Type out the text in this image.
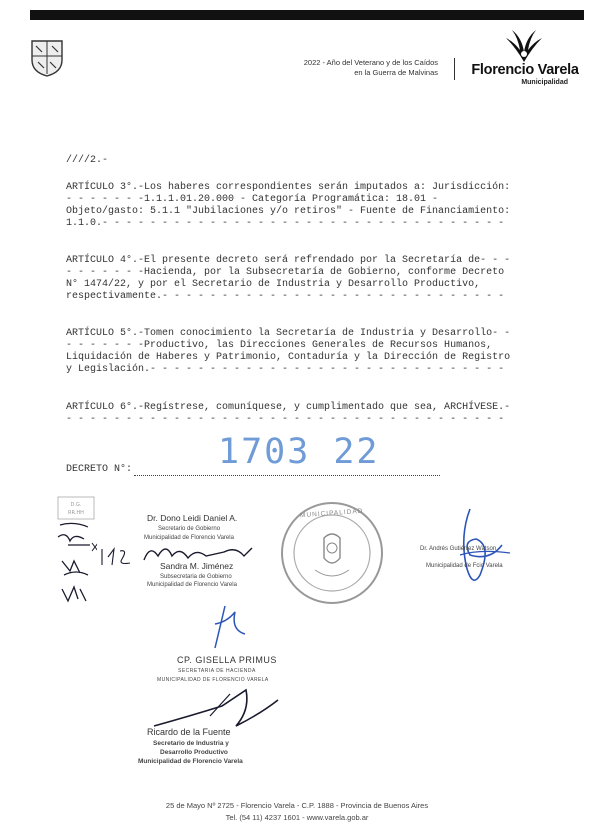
2022 - Año del Veterano y de los Caídos
en la Guerra de Malvinas Florencio Varela
Municipalidad
////2.-
ARTÍCULO 3°.-Los haberes correspondientes serán imputados a: Jurisdicción:
- - - - - - -1.1.1.01.20.000 - Categoría Programática: 18.01 -
Objeto/gasto: 5.1.1 "Jubilaciones y/o retiros" - Fuente de Financiamiento:
1.1.0.- - - - - - - - - - - - - - - - - - - - - - - - - - - - - - - - - -
ARTÍCULO 4°.-El presente decreto será refrendado por la Secretaría de- - -
- - - - - - -Hacienda, por la Subsecretaría de Gobierno, conforme Decreto
N° 1474/22, y por el Secretario de Industria y Desarrollo Productivo,
respectivamente.- - - - - - - - - - - - - - - - - - - - - - - - - - - - -
ARTÍCULO 5°.-Tomen conocimiento la Secretaría de Industria y Desarrollo- -
- - - - - - -Productivo, las Direcciones Generales de Recursos Humanos,
Liquidación de Haberes y Patrimonio, Contaduría y la Dirección de Registro
y Legislación.- - - - - - - - - - - - - - - - - - - - - - - - - - - - - -
ARTÍCULO 6°.-Regístrese, comuníquese, y cumplimentado que sea, ARCHÍVESE.-
- - - - - - - - - - - - - - - - - - - - - - - - - - - - - - - - - - - - -
1703 22
DECRETO N°:
D.G.
RR.HH	Dr. Dono Leidi Daniel A.
Secretario de Gobierno
Municipalidad de Florencio Varela
Sandra M. Jiménez
Subsecretaria de Gobierno
Municipalidad de Florencio Varela
MUNICIPALIDAD
Dr. Andrés Gutiérrez Watson
Municipalidad de Fcio Varela
CP. GISELLA PRIMUS
SECRETARIA DE HACIENDA
MUNICIPALIDAD DE FLORENCIO VARELA
Ricardo de la Fuente
Secretario de Industria y
Desarrollo Productivo
Municipalidad de Florencio Varela
25 de Mayo Nº 2725 - Florencio Varela - C.P. 1888 - Provincia de Buenos Aires
Tel. (54 11) 4237 1601 - www.varela.gob.ar
